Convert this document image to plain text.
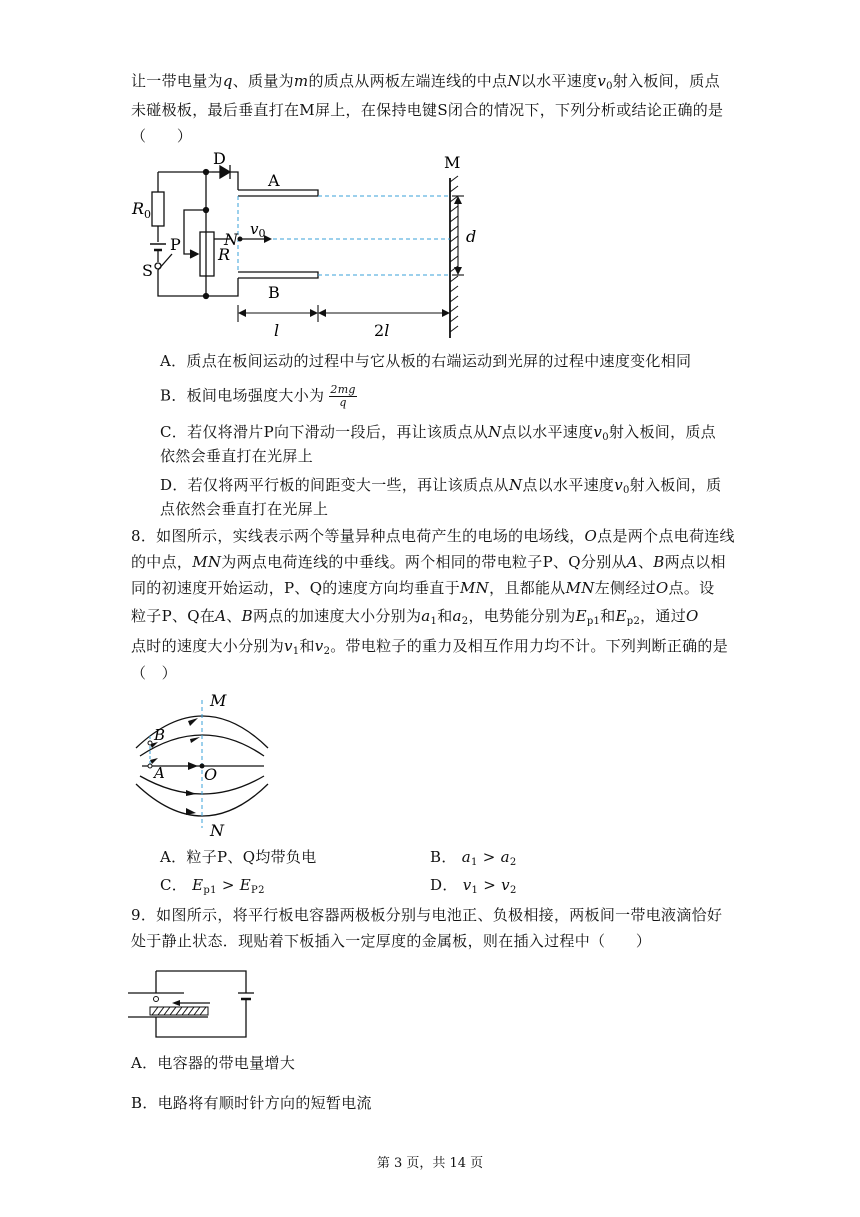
让一带电量为q、质量为m的质点从两板左端连线的中点N以水平速度$v_0$射入板间，质点
未碰极板，最后垂直打在M屏上，在保持电键S闭合的情况下，下列分析或结论正确的是
（　　）
D
A
B
M
$R_0$
P
R
N
S
$v_0$	d
l	2l
A．质点在板间运动的过程中与它从板的右端运动到光屏的过程中速度变化相同
B．板间电场强度大小为 $\frac{2mg}{q}$
C．若仅将滑片P向下滑动一段后，再让该质点从N点以水平速度$v_0$射入板间，质点
依然会垂直打在光屏上
D．若仅将两平行板的间距变大一些，再让该质点从N点以水平速度$v_0$射入板间，质
点依然会垂直打在光屏上
8．如图所示，实线表示两个等量异种点电荷产生的电场的电场线，O点是两个点电荷连线
的中点，MN为两点电荷连线的中垂线。两个相同的带电粒子P、Q分别从A、B两点以相
同的初速度开始运动，P、Q的速度方向均垂直于MN，且都能从MN左侧经过O点。设
粒子P、Q在A、B两点的加速度大小分别为$a_1$和$a_2$，电势能分别为$E_{p1}$和$E_{p2}$，通过O
点时的速度大小分别为$v_1$和$v_2$。带电粒子的重力及相互作用力均不计。下列判断正确的是
（　）
M
N
O
A
B
A．粒子P、Q均带负电	B． $a_1 > a_2$
C． $E_{p1} > E_{P2}$	D． $v_1 > v_2$
9．如图所示，将平行板电容器两极板分别与电池正、负极相接，两板间一带电液滴恰好
处于静止状态．现贴着下板插入一定厚度的金属板，则在插入过程中（　　）
A．电容器的带电量增大
B．电路将有顺时针方向的短暂电流
第 3 页，共 14 页
